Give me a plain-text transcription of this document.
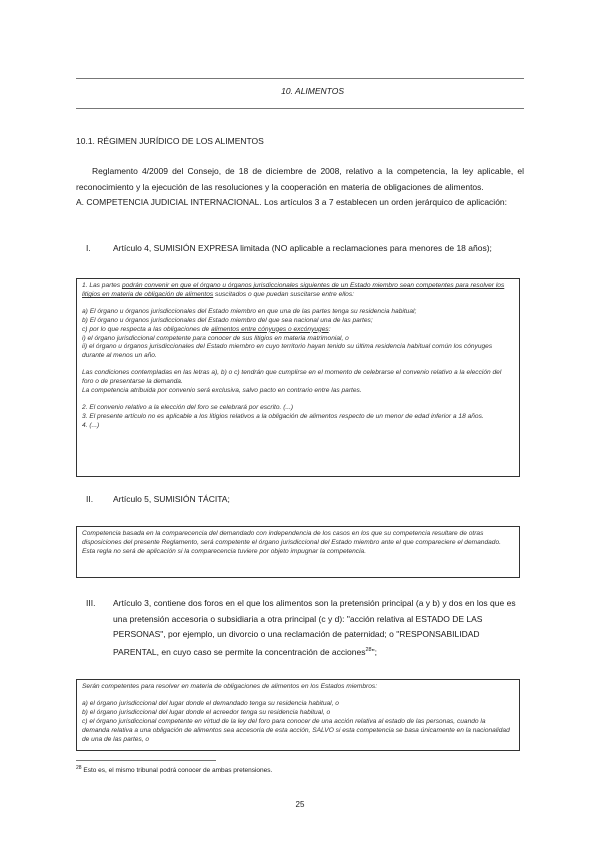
10. ALIMENTOS
10.1. RÉGIMEN JURÍDICO DE LOS ALIMENTOS
Reglamento 4/2009 del Consejo, de 18 de diciembre de 2008, relativo a la competencia, la ley aplicable, el reconocimiento y la ejecución de las resoluciones y la cooperación en materia de obligaciones de alimentos.
A. COMPETENCIA JUDICIAL INTERNACIONAL. Los artículos 3 a 7 establecen un orden jerárquico de aplicación:
I.	Artículo 4, SUMISIÓN EXPRESA limitada (NO aplicable a reclamaciones para menores de 18 años);

1. Las partes podrán convenir en que el órgano u órganos jurisdiccionales siguientes de un Estado miembro sean competentes para resolver los litigios en materia de obligación de alimentos suscitados o que puedan suscitarse entre ellos:

a) El órgano u órganos jurisdiccionales del Estado miembro en que una de las partes tenga su residencia habitual;

b) El órgano u órganos jurisdiccionales del Estado miembro del que sea nacional una de las partes;

c) por lo que respecta a las obligaciones de alimentos entre cónyuges o excónyuges:

i) el órgano jurisdiccional competente para conocer de sus litigios en materia matrimonial, o

ii) el órgano u órganos jurisdiccionales del Estado miembro en cuyo territorio hayan tenido su última residencia habitual común los cónyuges durante al menos un año.

Las condiciones contempladas en las letras a), b) o c) tendrán que cumplirse en el momento de celebrarse el convenio relativo a la elección del foro o de presentarse la demanda.

La competencia atribuida por convenio será exclusiva, salvo pacto en contrario entre las partes.

2. El convenio relativo a la elección del foro se celebrará por escrito. (...)

3. El presente artículo no es aplicable a los litigios relativos a la obligación de alimentos respecto de un menor de edad inferior a 18 años.

4. (...)

II. Artículo 5, SUMISIÓN TÁCITA;

Competencia basada en la comparecencia del demandado con independencia de los casos en los que su competencia resultare de otras disposiciones del presente Reglamento, será competente el órgano jurisdiccional del Estado miembro ante el que compareciere el demandado. Esta regla no será de aplicación si la comparecencia tuviere por objeto impugnar la competencia.

III. Artículo 3, contiene dos foros en el que los alimentos son la pretensión principal (a y b) y dos en los que es una pretensión accesoria o subsidiaria a otra principal (c y d): "acción relativa al ESTADO DE LAS PERSONAS", por ejemplo, un divorcio o una reclamación de paternidad; o "RESPONSABILIDAD PARENTAL, en cuyo caso se permite la concentración de acciones$^{28}$";

Serán competentes para resolver en materia de obligaciones de alimentos en los Estados miembros:

a) el órgano jurisdiccional del lugar donde el demandado tenga su residencia habitual, o

b) el órgano jurisdiccional del lugar donde el acreedor tenga su residencia habitual, o

c) el órgano jurisdiccional competente en virtud de la ley del foro para conocer de una acción relativa al estado de las personas, cuando la demanda relativa a una obligación de alimentos sea accesoria de esta acción, SALVO si esta competencia se basa únicamente en la nacionalidad de una de las partes, o

$^{28}$ Esto es, el mismo tribunal podrá conocer de ambas pretensiones.
25
